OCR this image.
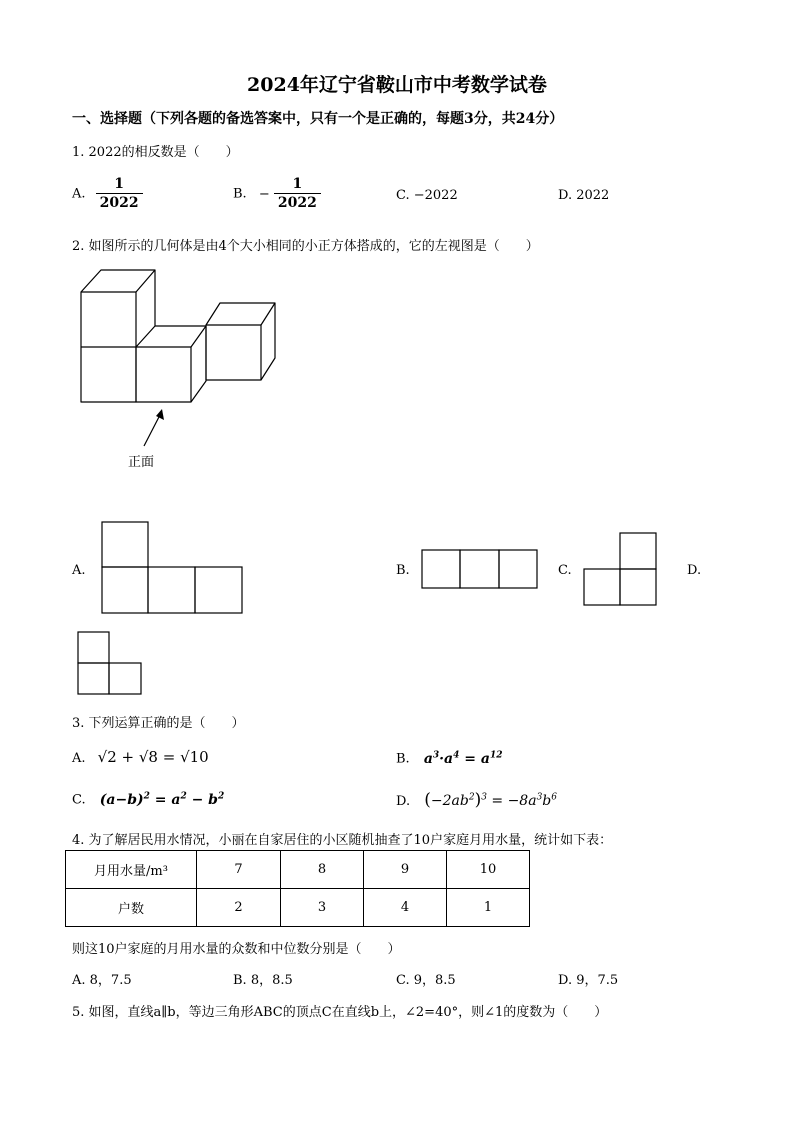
2024年辽宁省鞍山市中考数学试卷
一、选择题（下列各题的备选答案中，只有一个是正确的，每题3分，共24分）
1. 2022的相反数是（　　）
A. $\frac{1}{2022}$	B. − $\frac{1}{2022}$	C. −2022	D. 2022
2. 如图所示的几何体是由4个大小相同的小正方体搭成的，它的左视图是（　　）
正面
A.	B.	C.	D.
3. 下列运算正确的是（　　）
A. √2 + √8 = √10	B. $a^3\cdot a^4 = a^{12}$
C. $(a-b)^2 = a^2 - b^2$	D. $(-2ab^2)^3 = -8a^3b^6$
4. 为了解居民用水情况，小丽在自家居住的小区随机抽查了10户家庭月用水量，统计如下表：
月用水量/m³	7	8	9	10
户数	2	3	4	1
则这10户家庭的月用水量的众数和中位数分别是（　　）
A. 8，7.5	B. 8，8.5	C. 9，8.5	D. 9，7.5
5. 如图，直线a∥b，等边三角形ABC的顶点C在直线b上，∠2=40°，则∠1的度数为（　　）
